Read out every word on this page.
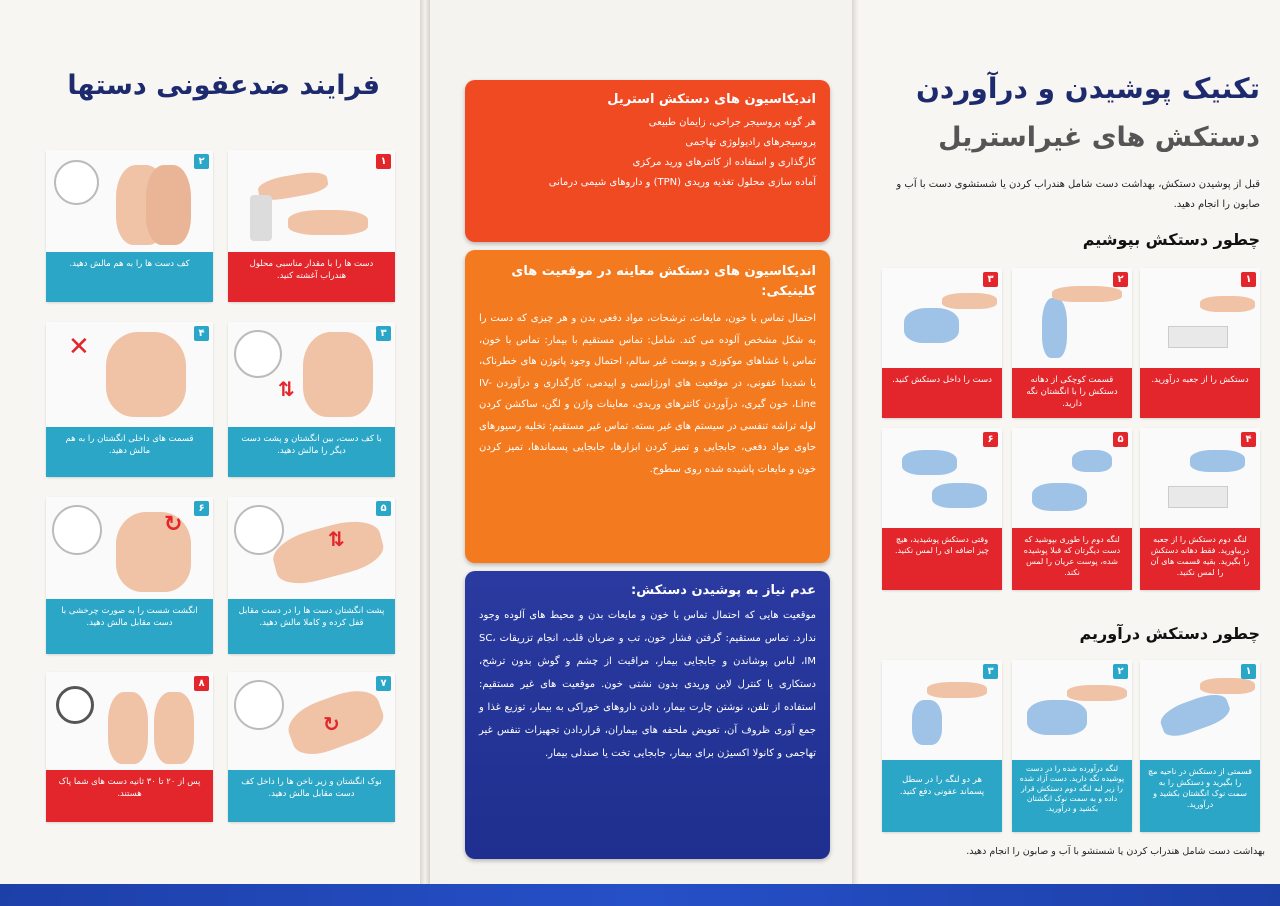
فرایند ضدعفونی دستها
۱
دست ها را با مقدار مناسبی محلول هندراب آغشته کنید.
۲
کف دست ها را به هم مالش دهید.
⇅
۳
با کف دست، بین انگشتان و پشت دست دیگر را مالش دهید.
✕	۴
قسمت های داخلی انگشتان را به هم مالش دهید.
⇅
۵
پشت انگشتان دست ها را در دست مقابل قفل کرده و کاملا مالش دهید.
↻
۶
انگشت شست را به صورت چرخشی با دست مقابل مالش دهید.
↻
۷
نوک انگشتان و زیر ناخن ها را داخل کف دست مقابل مالش دهید.
۸
پس از ۲۰ تا ۳۰ ثانیه دست های شما پاک هستند.
اندیکاسیون های دستکش استریل

هر گونه پروسیجر جراحی، زایمان طبیعی

پروسیجرهای رادیولوژی تهاجمی

کارگذاری و استفاده از کاتترهای ورید مرکزی

آماده سازی محلول تغذیه وریدی (TPN) و داروهای شیمی درمانی

اندیکاسیون های دستکش معاینه در موقعیت های کلینیکی:

احتمال تماس با خون، مایعات، ترشحات، مواد دفعی بدن و هر چیزی که دست را به شکل مشخص آلوده می کند. شامل: تماس مستقیم با بیمار: تماس با خون، تماس با غشاهای موکوزی و پوست غیر سالم، احتمال وجود پاتوژن های خطرناک، یا شدیدا عفونی، در موقعیت های اورژانسی و اپیدمی، کارگذاری و درآوردن IV-Line، خون گیری، درآوردن کاتترهای وریدی، معاینات واژن و لگن، ساکشن کردن لوله تراشه تنفسی در سیستم های غیر بسته. تماس غیر مستقیم: تخلیه رسیورهای حاوی مواد دفعی، جابجایی و تمیز کردن ابزارها، جابجایی پسماندها، تمیز کردن خون و مایعات پاشیده شده روی سطوح.

عدم نیاز به پوشیدن دستکش:

موقعیت هایی که احتمال تماس با خون و مایعات بدن و محیط های آلوده وجود ندارد. تماس مستقیم: گرفتن فشار خون، تب و ضربان قلب، انجام تزریقات SC، IM، لباس پوشاندن و جابجایی بیمار، مراقبت از چشم و گوش بدون ترشح، دستکاری یا کنترل لاین وریدی بدون نشتی خون. موقعیت های غیر مستقیم: استفاده از تلفن، نوشتن چارت بیمار، دادن داروهای خوراکی به بیمار، توزیع غذا و جمع آوری ظروف آن، تعویض ملحفه های بیماران، قراردادن تجهیزات تنفس غیر تهاجمی و کانولا اکسیژن برای بیمار، جابجایی تخت یا صندلی بیمار.

تکنیک پوشیدن و درآوردن
دستکش های غیراستریل
قبل از پوشیدن دستکش، بهداشت دست شامل هندراب کردن یا شستشوی دست با آب و صابون را انجام دهید.
چطور دستکش بپوشیم
۱
دستکش را از جعبه درآورید.
۲
قسمت کوچکی از دهانه دستکش را با انگشتان نگه دارید.
۳
دست را داخل دستکش کنید.
۴
لنگه دوم دستکش را از جعبه دربیاورید. فقط دهانه دستکش را بگیرید. بقیه قسمت های آن را لمس نکنید.
۵
لنگه دوم را طوری بپوشید که دست دیگرتان که قبلا پوشیده شده، پوست عریان را لمس نکند.
۶
وقتی دستکش پوشیدید، هیچ چیز اضافه ای را لمس نکنید.
چطور دستکش درآوریم
۱
قسمتی از دستکش در ناحیه مچ را بگیرید و دستکش را به سمت نوک انگشتان بکشید و درآورید.
۲
لنگه درآورده شده را در دست پوشیده نگه دارید. دست آزاد شده را زیر لبه لنگه دوم دستکش قرار داده و به سمت نوک انگشتان بکشید و درآورید.
۳
هر دو لنگه را در سطل پسماند عفونی دفع کنید.
بهداشت دست شامل هندراب کردن یا شستشو با آب و صابون را انجام دهید.
